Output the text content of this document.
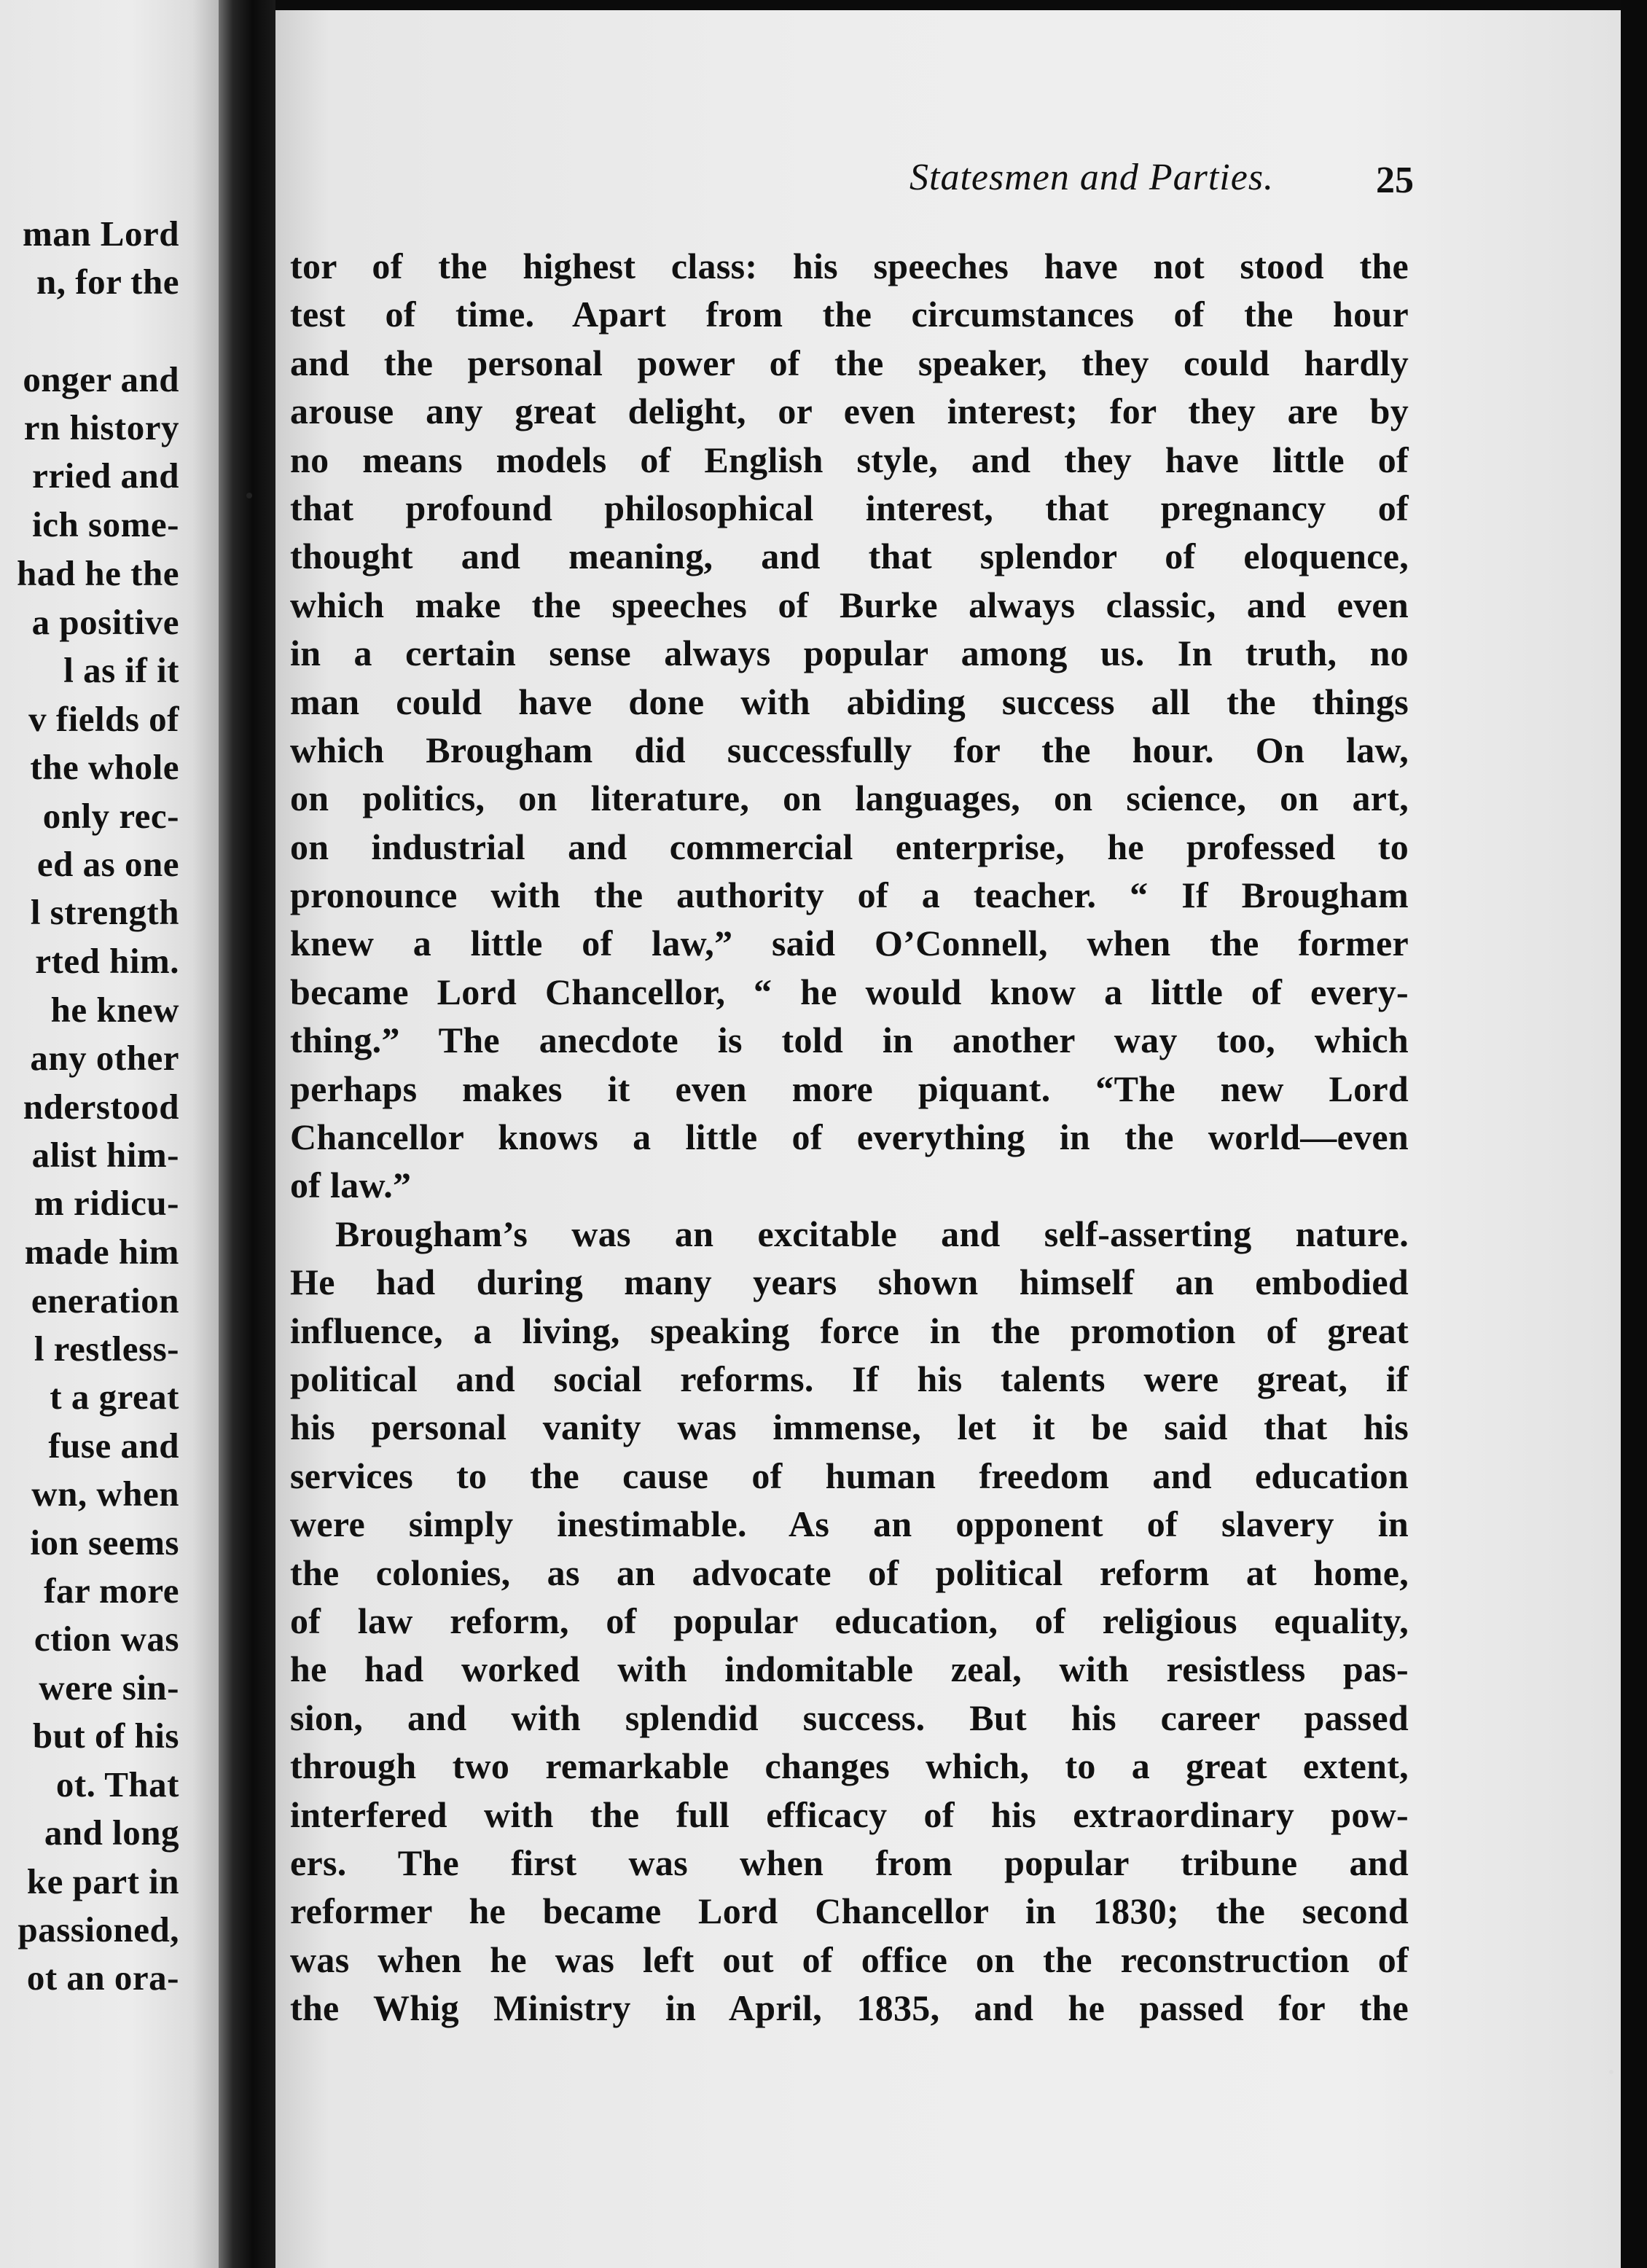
man Lord
n, for the
onger and
rn history
rried and
ich some-
had he the
a positive
l as if it
v fields of
the whole
only rec-
ed as one
l strength
rted him.
he knew
any other
nderstood
alist him-
m ridicu-
made him
eneration
l restless-
t a great
fuse and
wn, when
ion seems
far more
ction was
were sin-
but of his
ot. That
and long
ke part in
passioned,
ot an ora-
Statesmen and Parties.	25
tor of the highest class: his speeches have not stood the
test of time. Apart from the circumstances of the hour
and the personal power of the speaker, they could hardly
arouse any great delight, or even interest; for they are by
no means models of English style, and they have little of
that profound philosophical interest, that pregnancy of
thought and meaning, and that splendor of eloquence,
which make the speeches of Burke always classic, and even
in a certain sense always popular among us. In truth, no
man could have done with abiding success all the things
which Brougham did successfully for the hour. On law,
on politics, on literature, on languages, on science, on art,
on industrial and commercial enterprise, he professed to
pronounce with the authority of a teacher. “ If Brougham
knew a little of law,” said O’Connell, when the former
became Lord Chancellor, “ he would know a little of every-
thing.” The anecdote is told in another way too, which
perhaps makes it even more piquant. “The new Lord
Chancellor knows a little of everything in the world—even
of law.”
Brougham’s was an excitable and self-asserting nature.
He had during many years shown himself an embodied
influence, a living, speaking force in the promotion of great
political and social reforms. If his talents were great, if
his personal vanity was immense, let it be said that his
services to the cause of human freedom and education
were simply inestimable. As an opponent of slavery in
the colonies, as an advocate of political reform at home,
of law reform, of popular education, of religious equality,
he had worked with indomitable zeal, with resistless pas-
sion, and with splendid success. But his career passed
through two remarkable changes which, to a great extent,
interfered with the full efficacy of his extraordinary pow-
ers. The first was when from popular tribune and
reformer he became Lord Chancellor in 1830; the second
was when he was left out of office on the reconstruction of
the Whig Ministry in April, 1835, and he passed for the
